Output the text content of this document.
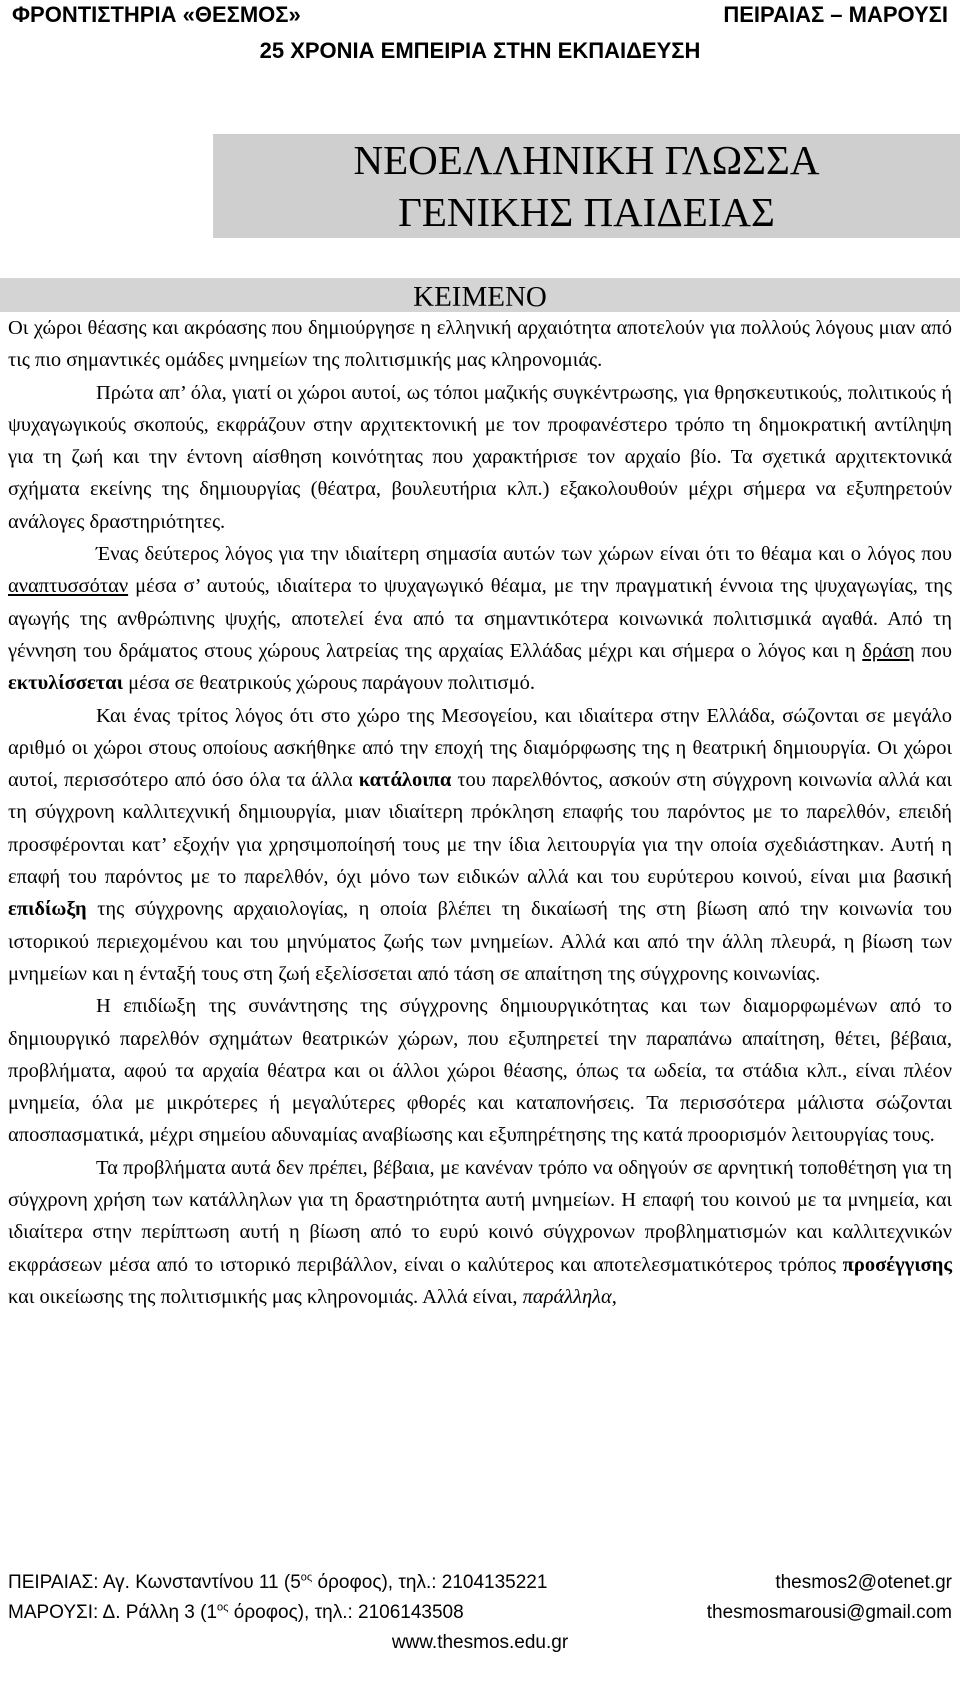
ΦΡΟΝΤΙΣΤΗΡΙΑ «ΘΕΣΜΟΣ»	ΠΕΙΡΑΙΑΣ – ΜΑΡΟΥΣΙ
25 ΧΡΟΝΙΑ ΕΜΠΕΙΡΙΑ ΣΤΗΝ ΕΚΠΑΙΔΕΥΣΗ
ΝΕΟΕΛΛΗΝΙΚΗ ΓΛΩΣΣΑ
ΓΕΝΙΚΗΣ ΠΑΙΔΕΙΑΣ
ΚΕΙΜΕΝΟ

Οι χώροι θέασης και ακρόασης που δημιούργησε η ελληνική αρχαιότητα αποτελούν για πολλούς λόγους μιαν από τις πιο σημαντικές ομάδες μνημείων της πολιτισμικής μας κληρονομιάς.

Πρώτα απ’ όλα, γιατί οι χώροι αυτοί, ως τόποι μαζικής συγκέντρωσης, για θρησκευτικούς, πολιτικούς ή ψυχαγωγικούς σκοπούς, εκφράζουν στην αρχιτεκτονική με τον προφανέστερο τρόπο τη δημοκρατική αντίληψη για τη ζωή και την έντονη αίσθηση κοινότητας που χαρακτήρισε τον αρχαίο βίο. Τα σχετικά αρχιτεκτονικά σχήματα εκείνης της δημιουργίας (θέατρα, βουλευτήρια κλπ.) εξακολουθούν μέχρι σήμερα να εξυπηρετούν ανάλογες δραστηριότητες.

Ένας δεύτερος λόγος για την ιδιαίτερη σημασία αυτών των χώρων είναι ότι το θέαμα και ο λόγος που αναπτυσσόταν μέσα σ’ αυτούς, ιδιαίτερα το ψυχαγωγικό θέαμα, με την πραγματική έννοια της ψυχαγωγίας, της αγωγής της ανθρώπινης ψυχής, αποτελεί ένα από τα σημαντικότερα κοινωνικά πολιτισμικά αγαθά. Από τη γέννηση του δράματος στους χώρους λατρείας της αρχαίας Ελλάδας μέχρι και σήμερα ο λόγος και η δράση που εκτυλίσσεται μέσα σε θεατρικούς χώρους παράγουν πολιτισμό.

Και ένας τρίτος λόγος ότι στο χώρο της Μεσογείου, και ιδιαίτερα στην Ελλάδα, σώζονται σε μεγάλο αριθμό οι χώροι στους οποίους ασκήθηκε από την εποχή της διαμόρφωσης της η θεατρική δημιουργία. Οι χώροι αυτοί, περισσότερο από όσο όλα τα άλλα κατάλοιπα του παρελθόντος, ασκούν στη σύγχρονη κοινωνία αλλά και τη σύγχρονη καλλιτεχνική δημιουργία, μιαν ιδιαίτερη πρόκληση επαφής του παρόντος με το παρελθόν, επειδή προσφέρονται κατ’ εξοχήν για χρησιμοποίησή τους με την ίδια λειτουργία για την οποία σχεδιάστηκαν. Αυτή η επαφή του παρόντος με το παρελθόν, όχι μόνο των ειδικών αλλά και του ευρύτερου κοινού, είναι μια βασική επιδίωξη της σύγχρονης αρχαιολογίας, η οποία βλέπει τη δικαίωσή της στη βίωση από την κοινωνία του ιστορικού περιεχομένου και του μηνύματος ζωής των μνημείων. Αλλά και από την άλλη πλευρά, η βίωση των μνημείων και η ένταξή τους στη ζωή εξελίσσεται από τάση σε απαίτηση της σύγχρονης κοινωνίας.

Η επιδίωξη της συνάντησης της σύγχρονης δημιουργικότητας και των διαμορφωμένων από το δημιουργικό παρελθόν σχημάτων θεατρικών χώρων, που εξυπηρετεί την παραπάνω απαίτηση, θέτει, βέβαια, προβλήματα, αφού τα αρχαία θέατρα και οι άλλοι χώροι θέασης, όπως τα ωδεία, τα στάδια κλπ., είναι πλέον μνημεία, όλα με μικρότερες ή μεγαλύτερες φθορές και καταπονήσεις. Τα περισσότερα μάλιστα σώζονται αποσπασματικά, μέχρι σημείου αδυναμίας αναβίωσης και εξυπηρέτησης της κατά προορισμόν λειτουργίας τους.

Τα προβλήματα αυτά δεν πρέπει, βέβαια, με κανέναν τρόπο να οδηγούν σε αρνητική τοποθέτηση για τη σύγχρονη χρήση των κατάλληλων για τη δραστηριότητα αυτή μνημείων. Η επαφή του κοινού με τα μνημεία, και ιδιαίτερα στην περίπτωση αυτή η βίωση από το ευρύ κοινό σύγχρονων προβληματισμών και καλλιτεχνικών εκφράσεων μέσα από το ιστορικό περιβάλλον, είναι ο καλύτερος και αποτελεσματικότερος τρόπος προσέγγισης και οικείωσης της πολιτισμικής μας κληρονομιάς. Αλλά είναι, παράλληλα,

ΠΕΙΡΑΙΑΣ: Αγ. Κωνσταντίνου 11 ($5^{o\varsigma}$ όροφος), τηλ.: 2104135221	thesmos2@otenet.gr
ΜΑΡΟΥΣΙ: Δ. Ράλλη 3 ($1^{o\varsigma}$ όροφος), τηλ.: 2106143508	thesmosmarousi@gmail.com
www.thesmos.edu.gr
